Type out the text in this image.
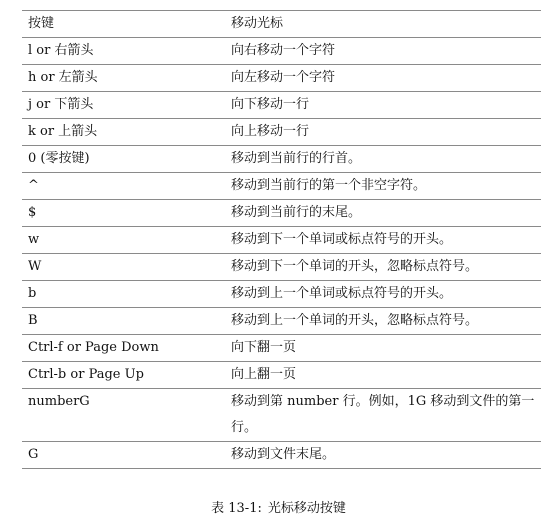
按键	移动光标
l or 右箭头	向右移动一个字符
h or 左箭头	向左移动一个字符
j or 下箭头	向下移动一行
k or 上箭头	向上移动一行
0 (零按键)	移动到当前行的行首。
^	移动到当前行的第一个非空字符。
$	移动到当前行的末尾。
w	移动到下一个单词或标点符号的开头。
W	移动到下一个单词的开头，忽略标点符号。
b	移动到上一个单词或标点符号的开头。
B	移动到上一个单词的开头，忽略标点符号。
Ctrl-f or Page Down	向下翻一页
Ctrl-b or Page Up	向上翻一页
numberG	移动到第 number 行。例如，1G 移动到文件的第一行。
G	移动到文件末尾。
表 13-1: 光标移动按键
